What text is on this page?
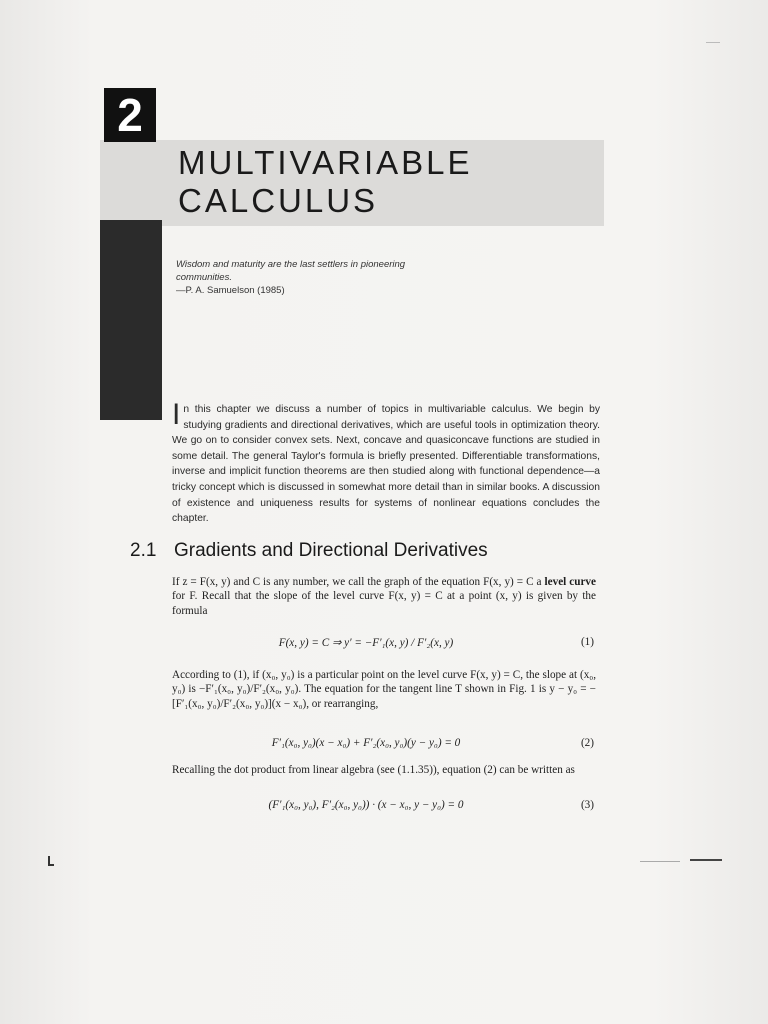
2
MULTIVARIABLE
CALCULUS
Wisdom and maturity are the last settlers in pioneering communities.
—P. A. Samuelson (1985)
In this chapter we discuss a number of topics in multivariable calculus. We begin by studying gradients and directional derivatives, which are useful tools in optimization theory. We go on to consider convex sets. Next, concave and quasiconcave functions are studied in some detail. The general Taylor's formula is briefly presented. Differentiable transformations, inverse and implicit function theorems are then studied along with functional dependence—a tricky concept which is discussed in somewhat more detail than in similar books. A discussion of existence and uniqueness results for systems of nonlinear equations concludes the chapter.
2.1 Gradients and Directional Derivatives
If z = F(x, y) and C is any number, we call the graph of the equation F(x, y) = C a level curve for F. Recall that the slope of the level curve F(x, y) = C at a point (x, y) is given by the formula
F(x, y) = C ⇒ y′ = −F′₁(x, y) / F′₂(x, y)	(1)
According to (1), if (x₀, y₀) is a particular point on the level curve F(x, y) = C, the slope at (x₀, y₀) is −F′₁(x₀, y₀)/F′₂(x₀, y₀). The equation for the tangent line T shown in Fig. 1 is y − y₀ = −[F′₁(x₀, y₀)/F′₂(x₀, y₀)](x − x₀), or rearranging,
F′₁(x₀, y₀)(x − x₀) + F′₂(x₀, y₀)(y − y₀) = 0	(2)
Recalling the dot product from linear algebra (see (1.1.35)), equation (2) can be written as
(F′₁(x₀, y₀), F′₂(x₀, y₀)) · (x − x₀, y − y₀) = 0	(3)
